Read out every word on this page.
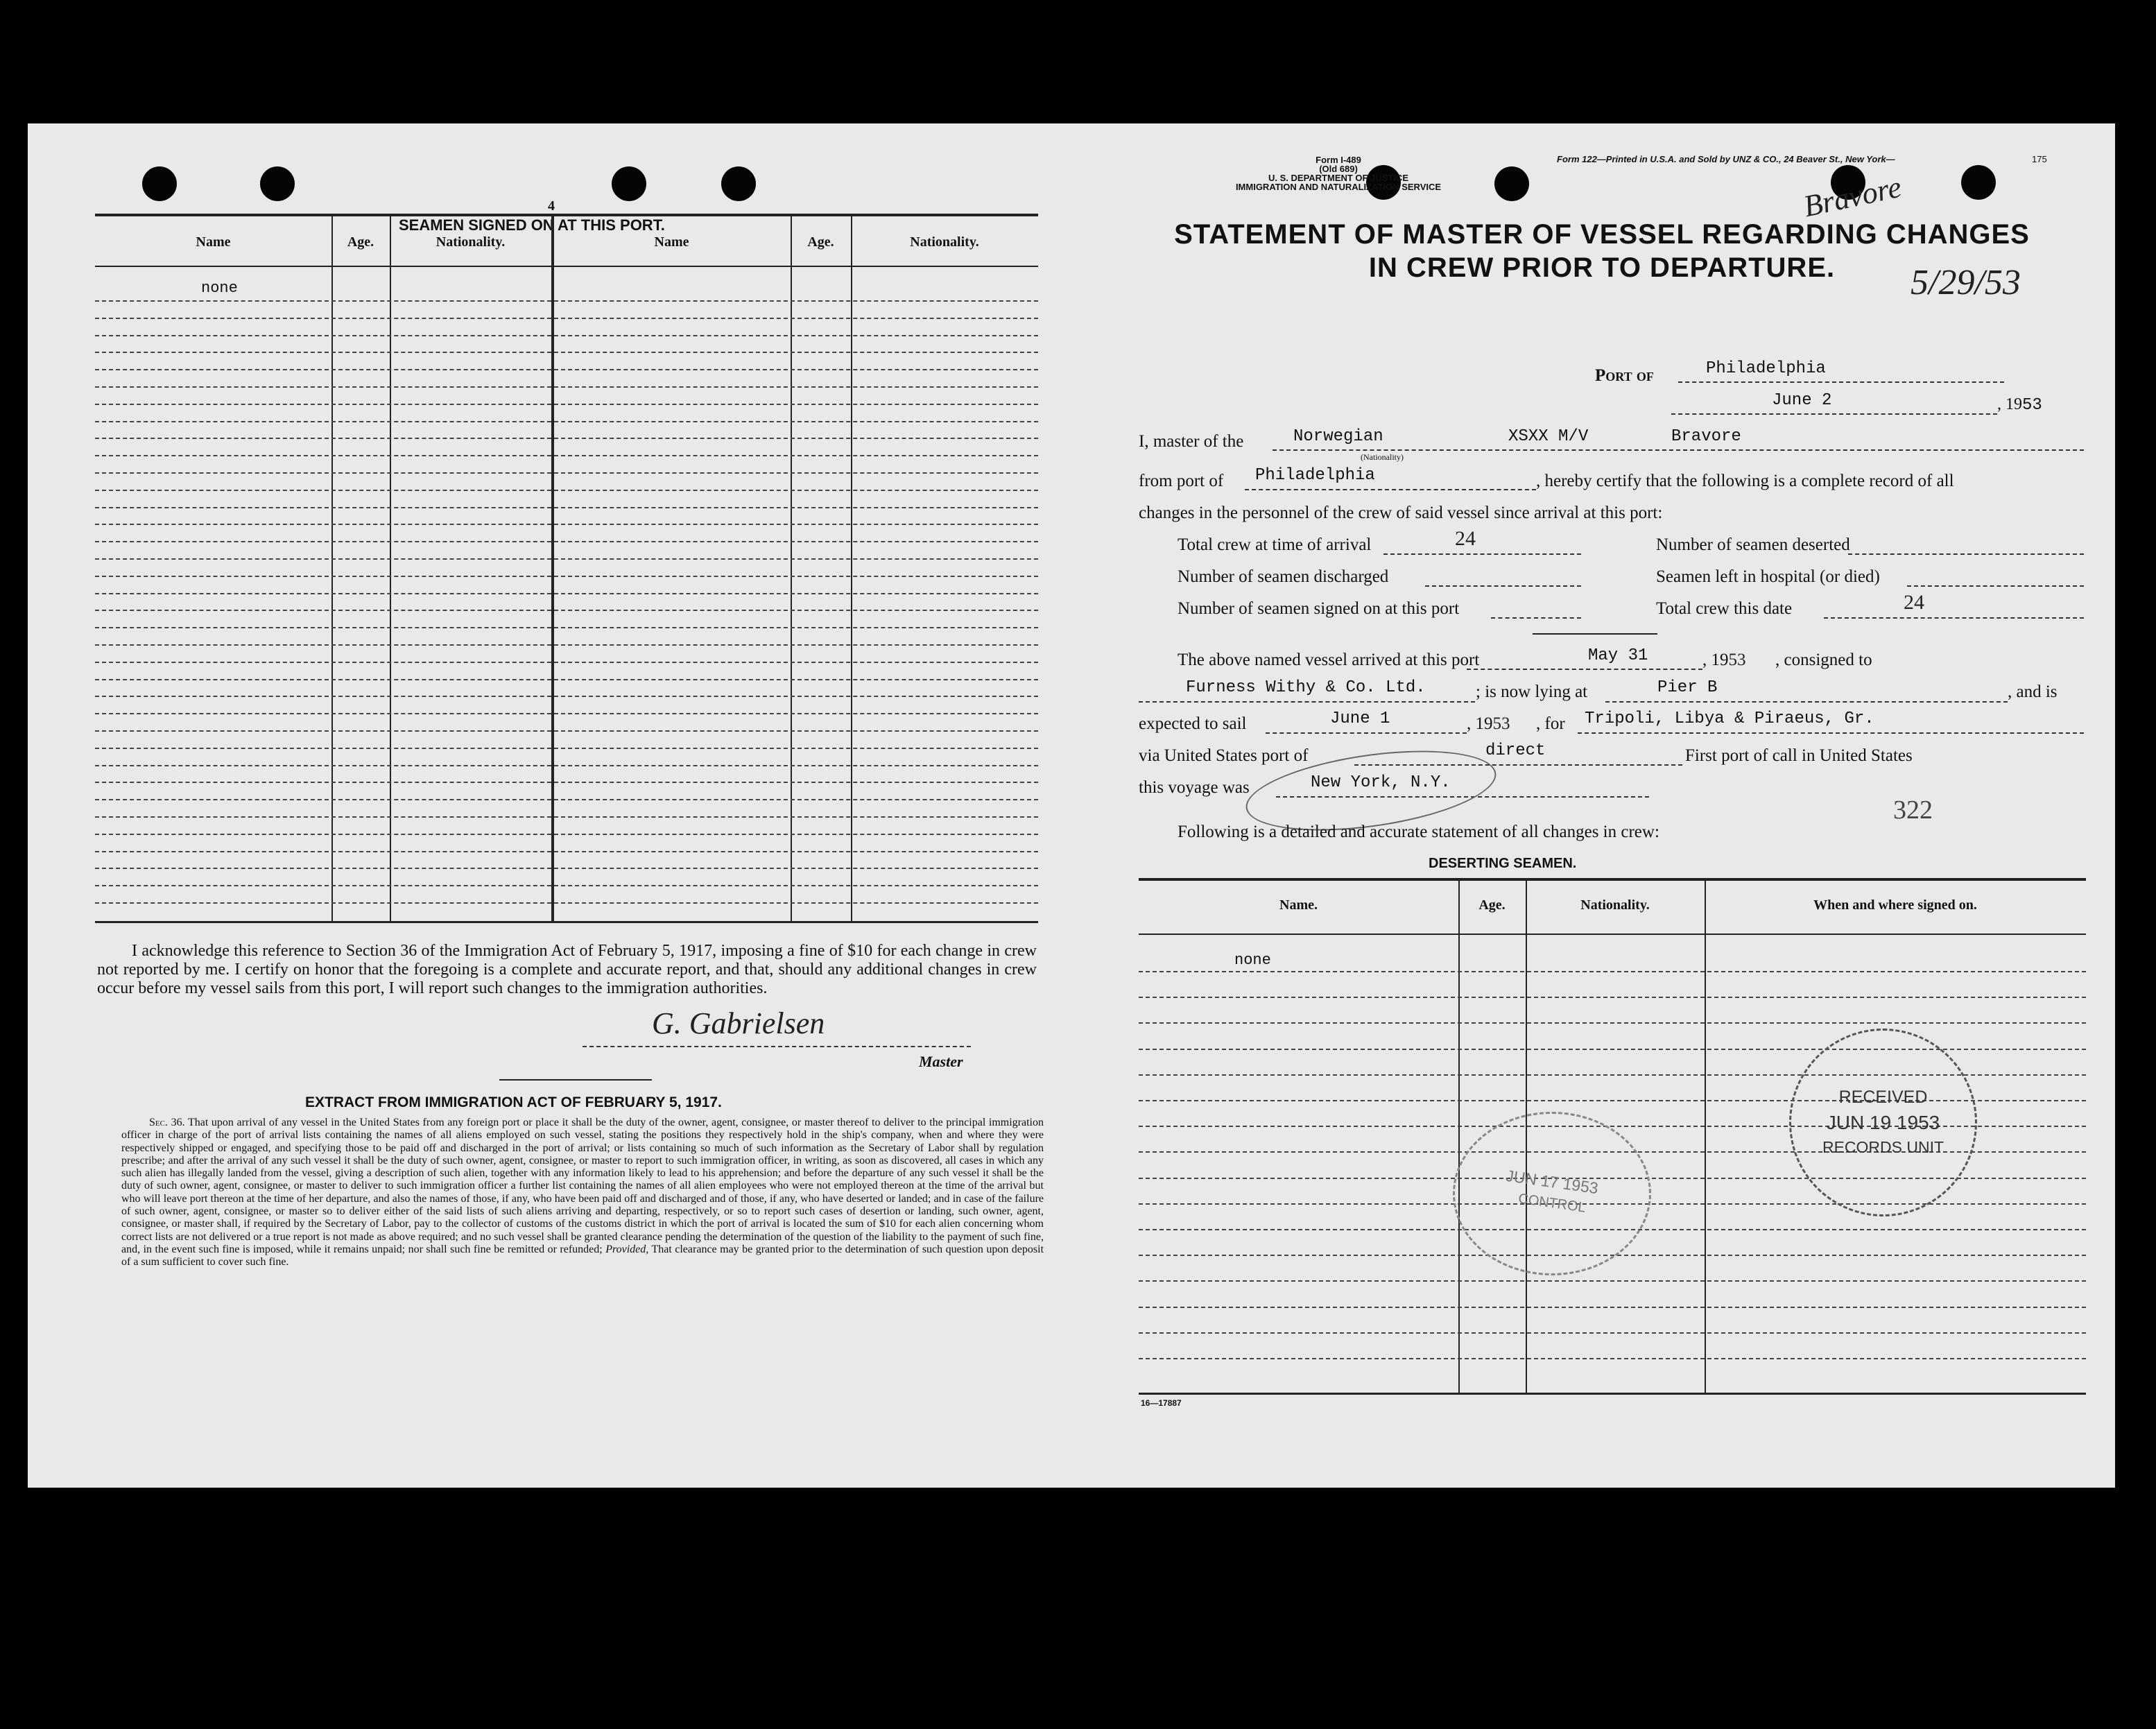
4
SEAMEN SIGNED ON AT THIS PORT.
Name	Age.	Nationality.	Name	Age.	Nationality.
none
I acknowledge this reference to Section 36 of the Immigration Act of February 5, 1917, imposing a fine of $10 for each change in crew not reported by me. I certify on honor that the foregoing is a complete and accurate report, and that, should any additional changes in crew occur before my vessel sails from this port, I will report such changes to the immigration authorities.
G. Gabrielsen
Master
EXTRACT FROM IMMIGRATION ACT OF FEBRUARY 5, 1917.
Sec. 36. That upon arrival of any vessel in the United States from any foreign port or place it shall be the duty of the owner, agent, consignee, or master thereof to deliver to the principal immigration officer in charge of the port of arrival lists containing the names of all aliens employed on such vessel, stating the positions they respectively hold in the ship's company, when and where they were respectively shipped or engaged, and specifying those to be paid off and discharged in the port of arrival; or lists containing so much of such information as the Secretary of Labor shall by regulation prescribe; and after the arrival of any such vessel it shall be the duty of such owner, agent, consignee, or master to report to such immigration officer, in writing, as soon as discovered, all cases in which any such alien has illegally landed from the vessel, giving a description of such alien, together with any information likely to lead to his apprehension; and before the departure of any such vessel it shall be the duty of such owner, agent, consignee, or master to deliver to such immigration officer a further list containing the names of all alien employees who were not employed thereon at the time of the arrival but who will leave port thereon at the time of her departure, and also the names of those, if any, who have been paid off and discharged and of those, if any, who have deserted or landed; and in case of the failure of such owner, agent, consignee, or master so to deliver either of the said lists of such aliens arriving and departing, respectively, or so to report such cases of desertion or landing, such owner, agent, consignee, or master shall, if required by the Secretary of Labor, pay to the collector of customs of the customs district in which the port of arrival is located the sum of $10 for each alien concerning whom correct lists are not delivered or a true report is not made as above required; and no such vessel shall be granted clearance pending the determination of the question of the liability to the payment of such fine, and, in the event such fine is imposed, while it remains unpaid; nor shall such fine be remitted or refunded; Provided, That clearance may be granted prior to the determination of such question upon deposit of a sum sufficient to cover such fine.
Form I-489
(Old 689)
U. S. DEPARTMENT OF JUSTICE
IMMIGRATION AND NATURALIZATION SERVICE
Form 122—Printed in U.S.A. and Sold by UNZ & CO., 24 Beaver St., New York—	175
Bravore
5/29/53
STATEMENT OF MASTER OF VESSEL REGARDING CHANGES
IN CREW PRIOR TO DEPARTURE.
Port of	Philadelphia
June 2	, 1953
I, master of the	Norwegian
(Nationality)
XSXX M/V	Bravore
from port of Philadelphia	, hereby certify that the following is a complete record of all
changes in the personnel of the crew of said vessel since arrival at this port:
Total crew at time of arrival	24	Number of seamen deserted
Number of seamen discharged	Seamen left in hospital (or died)
Number of seamen signed on at this port	Total crew this date	24
The above named vessel arrived at this port	May 31	, 1953 , consigned to
Furness Withy & Co. Ltd.	; is now lying at	Pier B	, and is
expected to sail	June 1	, 1953 , for Tripoli, Libya & Piraeus, Gr.
via United States port of	direct	First port of call in United States
this voyage was	New York, N.Y.
322
Following is a detailed and accurate statement of all changes in crew:
DESERTING SEAMEN.
Name.	Age.	Nationality.	When and where signed on.
none
RECEIVED
JUN 19 1953
RECORDS UNIT
JUN 17 1953
CONTROL
16—17887
